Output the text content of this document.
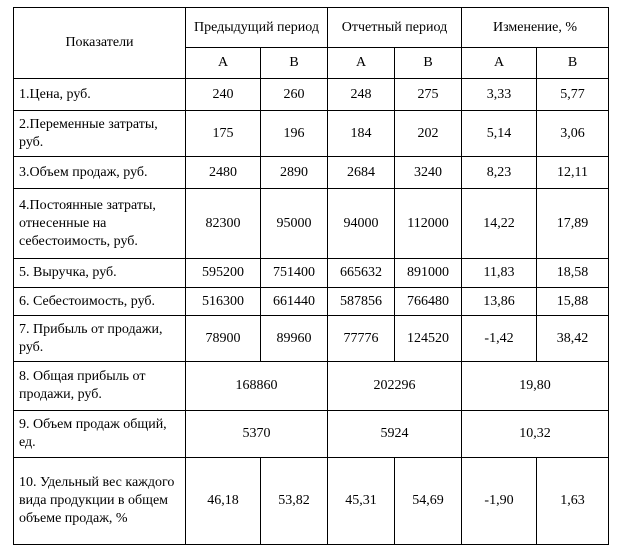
Показатели	Предыдущий период		Отчетный период		Изменение, %	
	А	В	А	В	А	В
1.Цена, руб.	240	260	248	275	3,33	5,77
2.Переменные затраты, руб.	175	196	184	202	5,14	3,06
3.Объем продаж, руб.	2480	2890	2684	3240	8,23	12,11
4.Постоянные затраты, отнесенные на себестоимость, руб.	82300	95000	94000	112000	14,22	17,89
5. Выручка, руб.	595200	751400	665632	891000	11,83	18,58
6. Себестоимость, руб.	516300	661440	587856	766480	13,86	15,88
7. Прибыль от продажи, руб.	78900	89960	77776	124520	-1,42	38,42
8. Общая прибыль от продажи, руб.	168860		202296		19,80	
9. Объем продаж общий, ед.	5370		5924		10,32	
10. Удельный вес каждого вида продукции в общем объеме продаж, %	46,18	53,82	45,31	54,69	-1,90	1,63
